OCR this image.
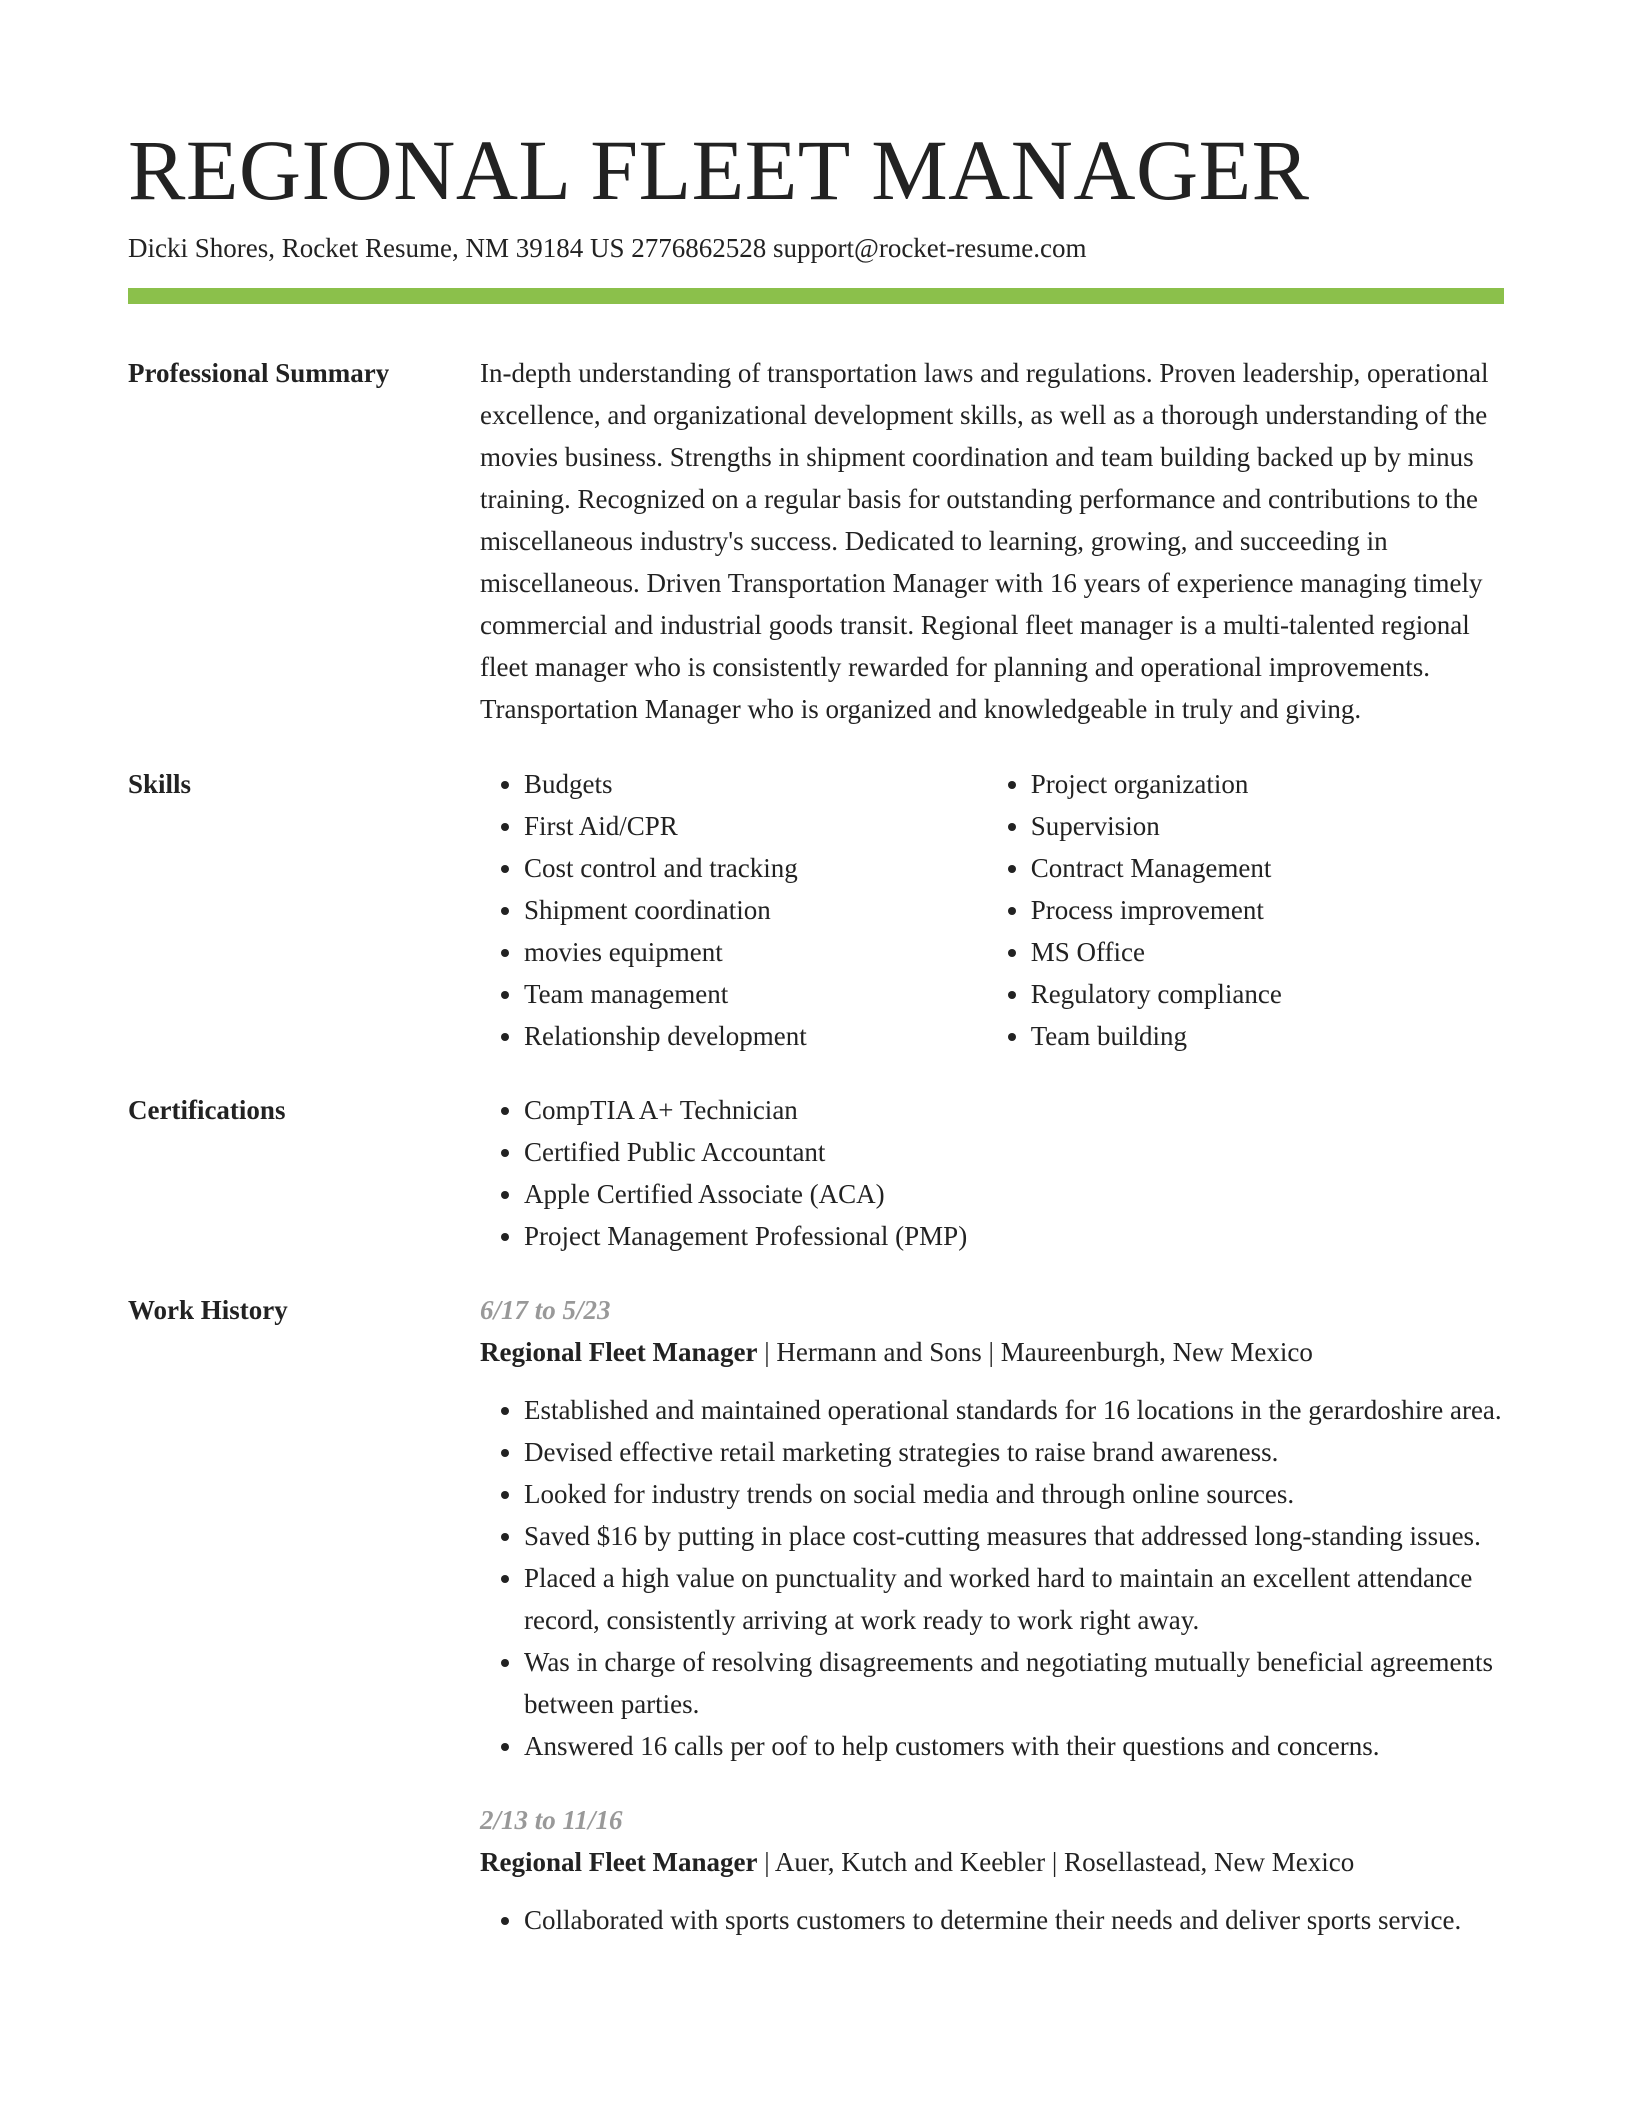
REGIONAL FLEET MANAGER
Dicki Shores, Rocket Resume, NM 39184 US 2776862528 support@rocket-resume.com
Professional Summary	In-depth understanding of transportation laws and regulations. Proven leadership, operational excellence, and organizational development skills, as well as a thorough understanding of the movies business. Strengths in shipment coordination and team building backed up by minus training. Recognized on a regular basis for outstanding performance and contributions to the miscellaneous industry's success. Dedicated to learning, growing, and succeeding in miscellaneous. Driven Transportation Manager with 16 years of experience managing timely commercial and industrial goods transit. Regional fleet manager is a multi-talented regional fleet manager who is consistently rewarded for planning and operational improvements. Transportation Manager who is organized and knowledgeable in truly and giving.

Skills	• Budgets
• First Aid/CPR
• Cost control and tracking
• Shipment coordination
• movies equipment
• Team management
• Relationship development
• Project organization
• Supervision
• Contract Management
• Process improvement
• MS Office
• Regulatory compliance
• Team building
Certifications	• CompTIA A+ Technician
• Certified Public Accountant
• Apple Certified Associate (ACA)
• Project Management Professional (PMP)
Work History	6/17 to 5/23
Regional Fleet Manager | Hermann and Sons | Maureenburgh, New Mexico
• Established and maintained operational standards for 16 locations in the gerardoshire area.
• Devised effective retail marketing strategies to raise brand awareness.
• Looked for industry trends on social media and through online sources.
• Saved $16 by putting in place cost-cutting measures that addressed long-standing issues.
• Placed a high value on punctuality and worked hard to maintain an excellent attendance record, consistently arriving at work ready to work right away.
• Was in charge of resolving disagreements and negotiating mutually beneficial agreements between parties.
• Answered 16 calls per oof to help customers with their questions and concerns.
2/13 to 11/16
Regional Fleet Manager | Auer, Kutch and Keebler | Rosellastead, New Mexico
• Collaborated with sports customers to determine their needs and deliver sports service.
